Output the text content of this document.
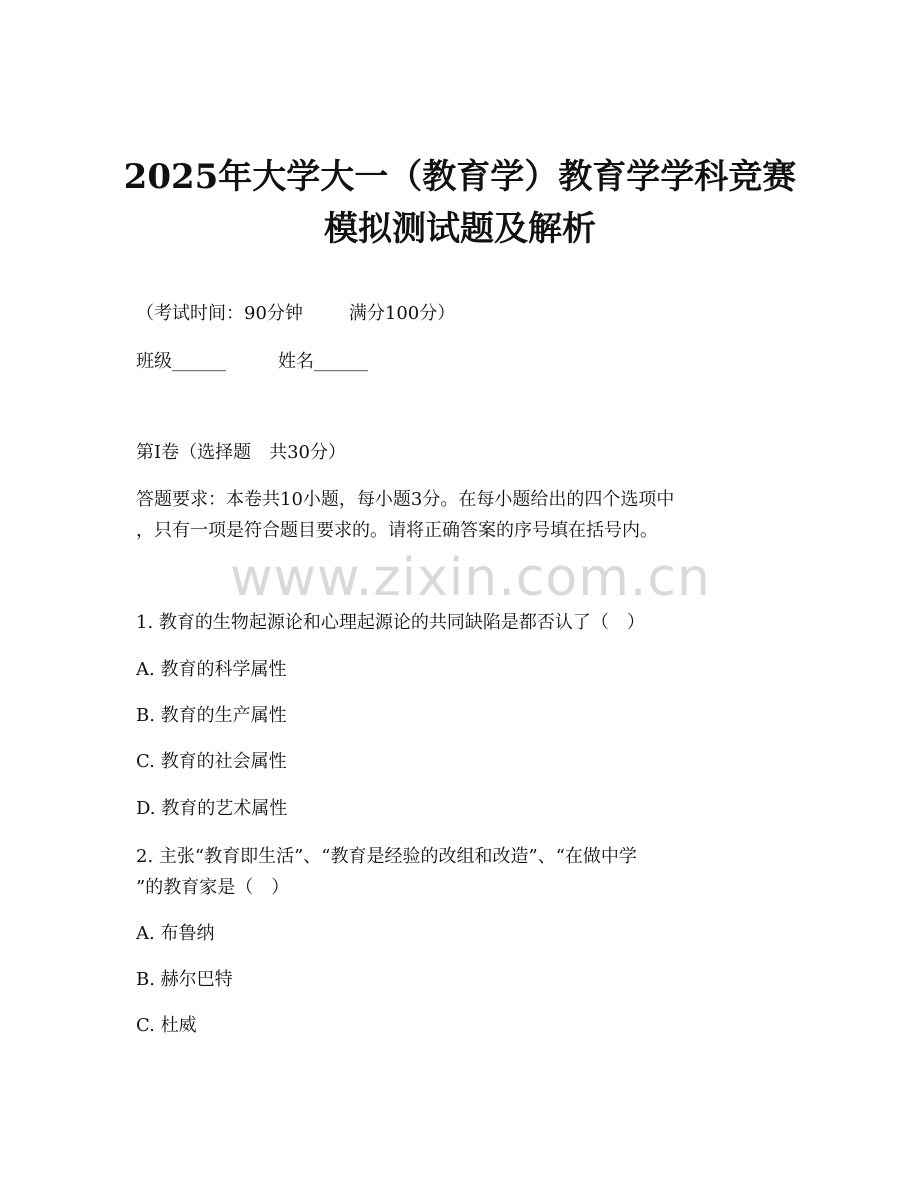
2025年大学大一（教育学）教育学学科竞赛
模拟测试题及解析

（考试时间：90分钟	满分100分）

班级______	姓名______

第Ⅰ卷（选择题　共30分）

答题要求：本卷共10小题，每小题3分。在每小题给出的四个选项中

，只有一项是符合题目要求的。请将正确答案的序号填在括号内。

www.zixin.com.cn

1. 教育的生物起源论和心理起源论的共同缺陷是都否认了（　）

A. 教育的科学属性

B. 教育的生产属性

C. 教育的社会属性

D. 教育的艺术属性

2. 主张“教育即生活”、“教育是经验的改组和改造”、“在做中学

”的教育家是（　）

A. 布鲁纳

B. 赫尔巴特

C. 杜威
